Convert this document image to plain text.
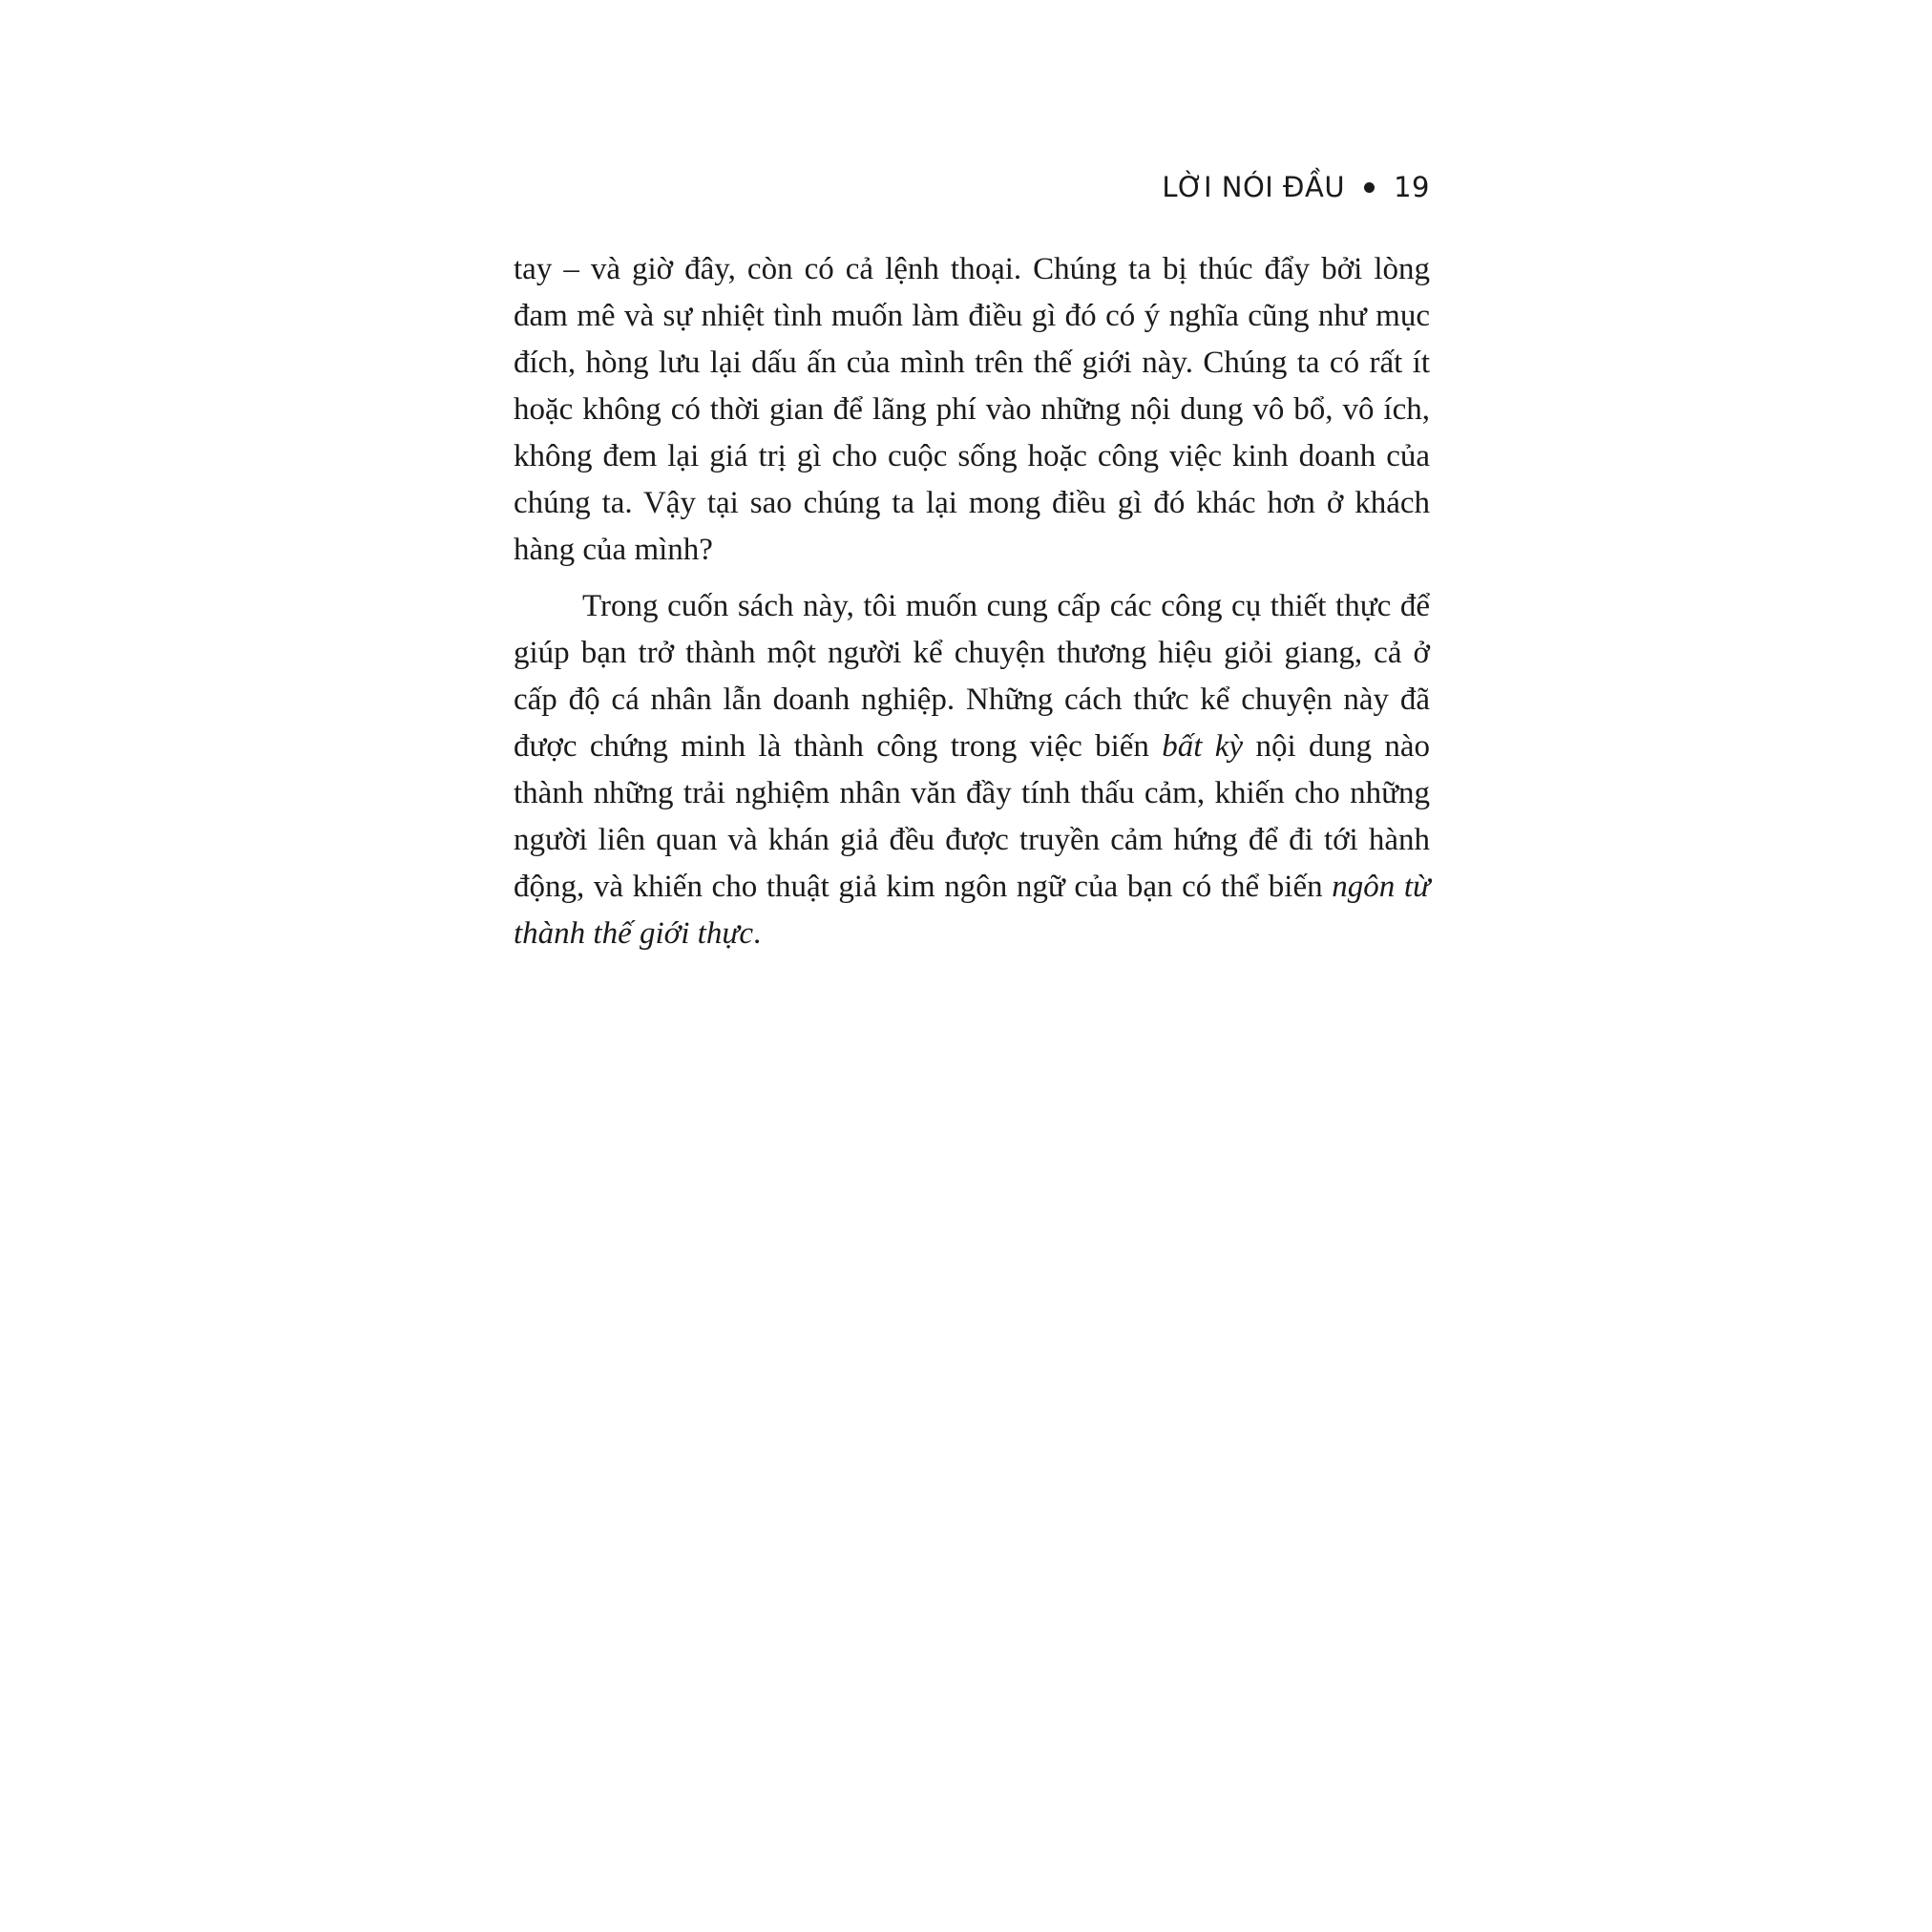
LỜI NÓI ĐẦU 19

tay – và giờ đây, còn có cả lệnh thoại. Chúng ta bị thúc đẩy bởi lòng đam mê và sự nhiệt tình muốn làm điều gì đó có ý nghĩa cũng như mục đích, hòng lưu lại dấu ấn của mình trên thế giới này. Chúng ta có rất ít hoặc không có thời gian để lãng phí vào những nội dung vô bổ, vô ích, không đem lại giá trị gì cho cuộc sống hoặc công việc kinh doanh của chúng ta. Vậy tại sao chúng ta lại mong điều gì đó khác hơn ở khách hàng của mình?

Trong cuốn sách này, tôi muốn cung cấp các công cụ thiết thực để giúp bạn trở thành một người kể chuyện thương hiệu giỏi giang, cả ở cấp độ cá nhân lẫn doanh nghiệp. Những cách thức kể chuyện này đã được chứng minh là thành công trong việc biến bất kỳ nội dung nào thành những trải nghiệm nhân văn đầy tính thấu cảm, khiến cho những người liên quan và khán giả đều được truyền cảm hứng để đi tới hành động, và khiến cho thuật giả kim ngôn ngữ của bạn có thể biến ngôn từ thành thế giới thực.
